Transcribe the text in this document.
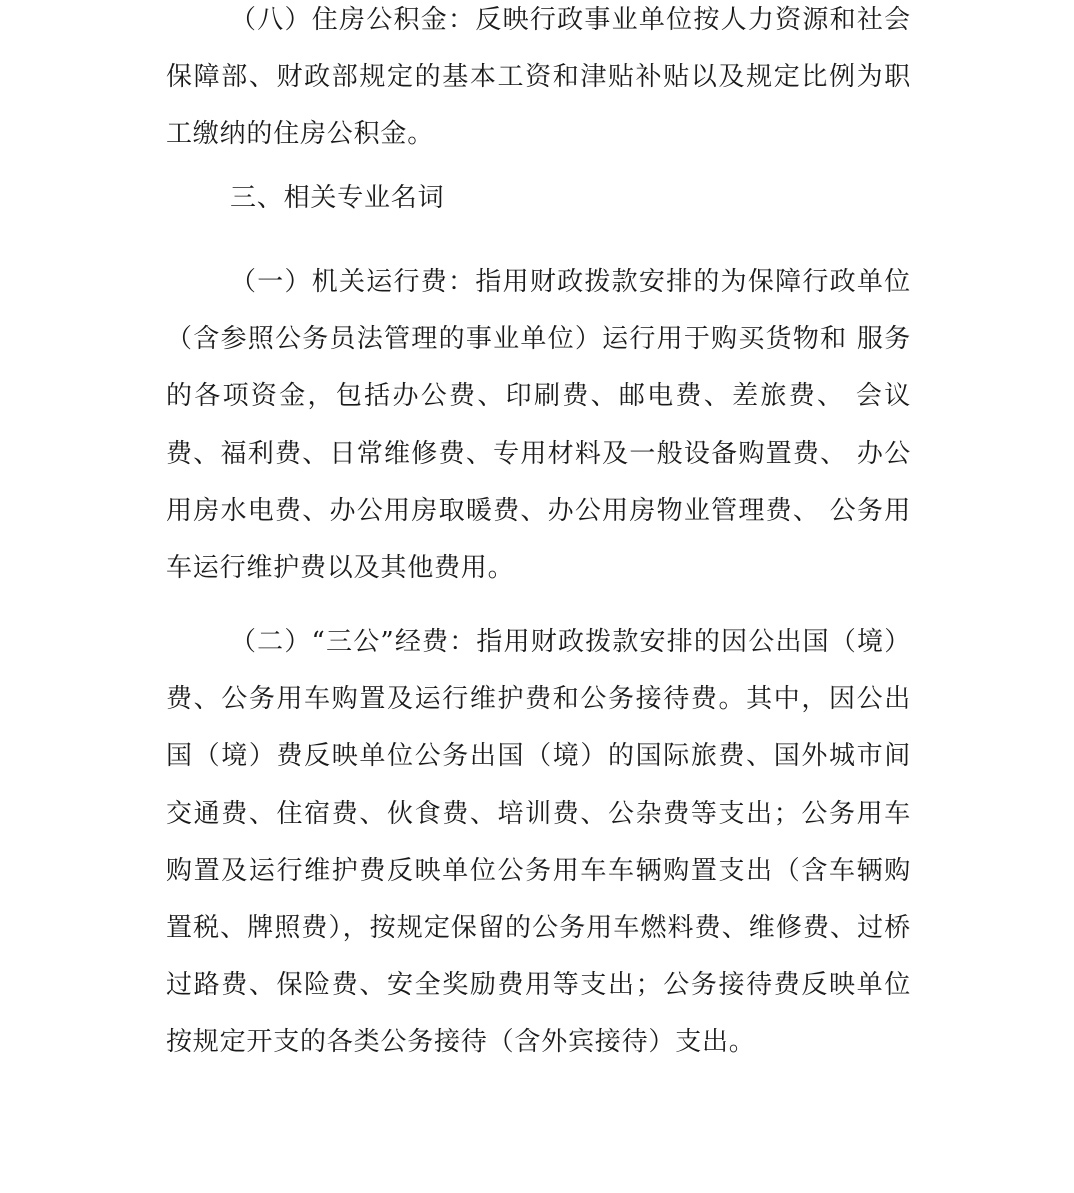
（八）住房公积金：反映行政事业单位按人力资源和社会保障部、财政部规定的基本工资和津贴补贴以及规定比例为职工缴纳的住房公积金。

三、相关专业名词

（一）机关运行费：指用财政拨款安排的为保障行政单位（含参照公务员法管理的事业单位）运行用于购买货物和 服务的各项资金，包括办公费、印刷费、邮电费、差旅费、 会议费、福利费、日常维修费、专用材料及一般设备购置费、 办公用房水电费、办公用房取暖费、办公用房物业管理费、 公务用车运行维护费以及其他费用。

（二）“三公”经费：指用财政拨款安排的因公出国（境）费、公务用车购置及运行维护费和公务接待费。其中，因公出国（境）费反映单位公务出国（境）的国际旅费、国外城市间交通费、住宿费、伙食费、培训费、公杂费等支出；公务用车购置及运行维护费反映单位公务用车车辆购置支出（含车辆购置税、牌照费），按规定保留的公务用车燃料费、维修费、过桥过路费、保险费、安全奖励费用等支出；公务接待费反映单位按规定开支的各类公务接待（含外宾接待）支出。
